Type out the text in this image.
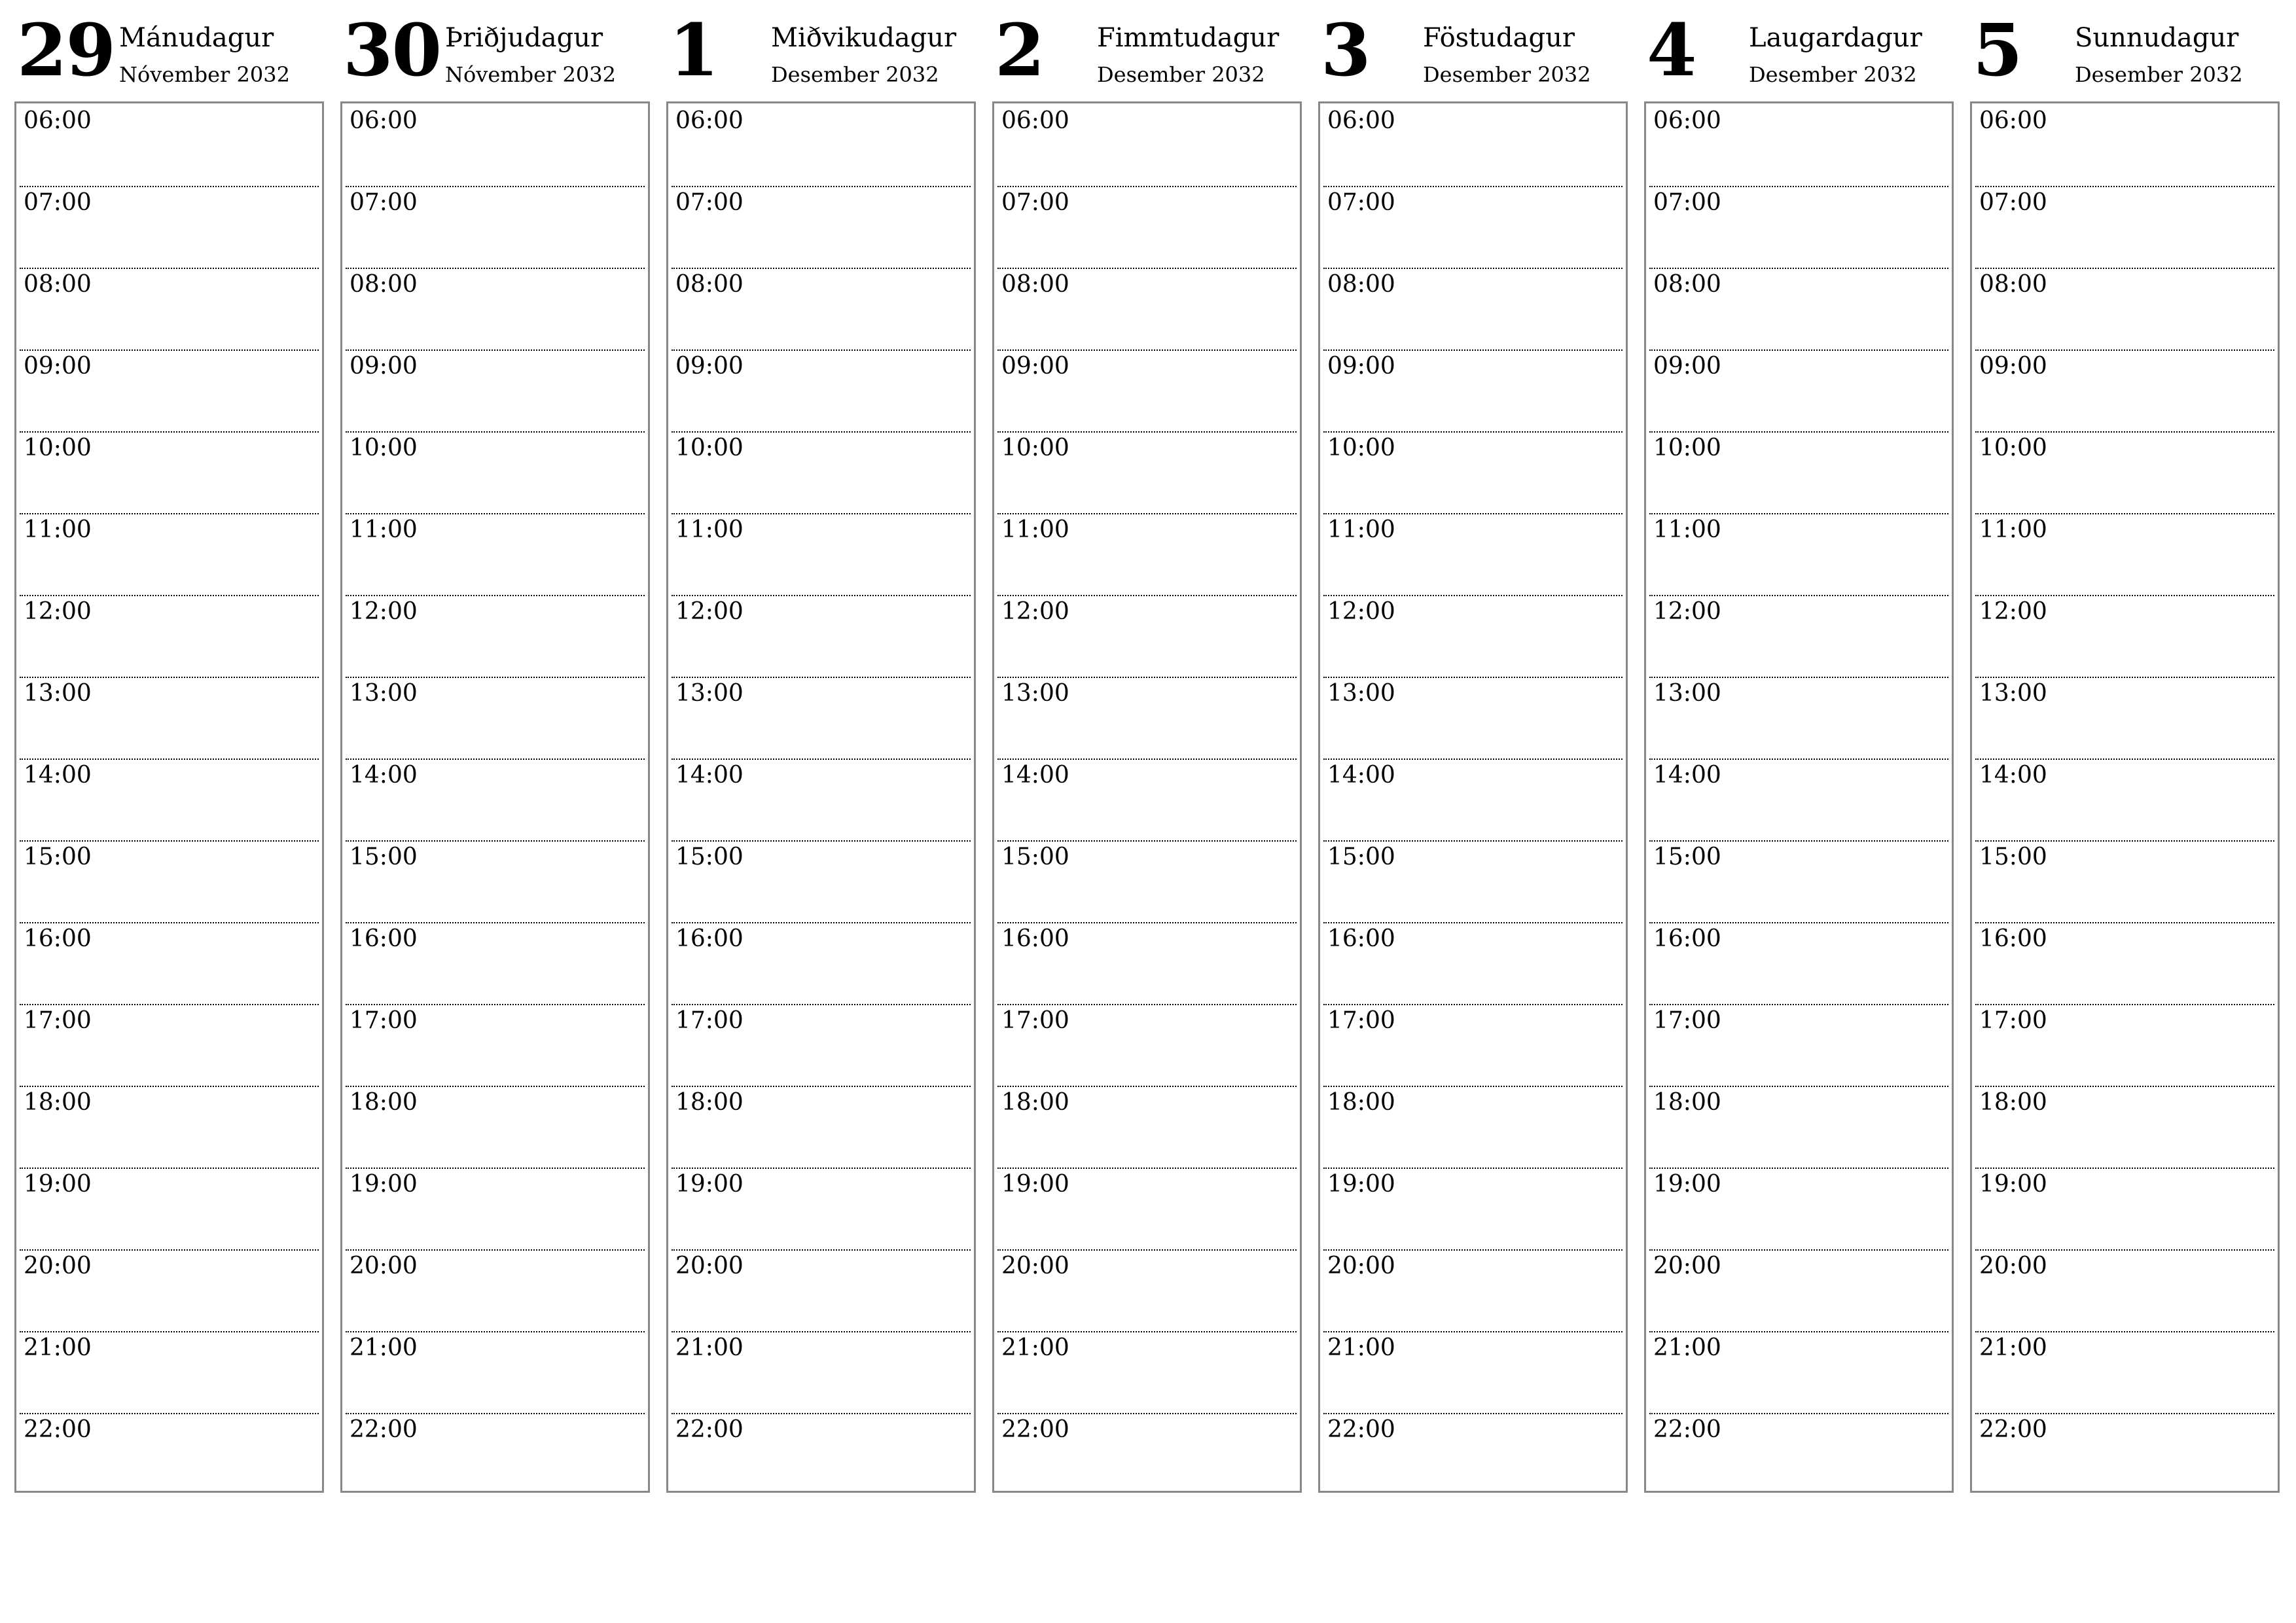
29 Mánudagur
Nóvember 2032
06:00
07:00
08:00
09:00
10:00
11:00
12:00
13:00
14:00
15:00
16:00
17:00
18:00
19:00
20:00
21:00
22:00
30 Þriðjudagur
Nóvember 2032
06:00
07:00
08:00
09:00
10:00
11:00
12:00
13:00
14:00
15:00
16:00
17:00
18:00
19:00
20:00
21:00
22:00
1 Miðvikudagur
Desember 2032
06:00
07:00
08:00
09:00
10:00
11:00
12:00
13:00
14:00
15:00
16:00
17:00
18:00
19:00
20:00
21:00
22:00
2 Fimmtudagur
Desember 2032
06:00
07:00
08:00
09:00
10:00
11:00
12:00
13:00
14:00
15:00
16:00
17:00
18:00
19:00
20:00
21:00
22:00
3 Föstudagur
Desember 2032
06:00
07:00
08:00
09:00
10:00
11:00
12:00
13:00
14:00
15:00
16:00
17:00
18:00
19:00
20:00
21:00
22:00
4 Laugardagur
Desember 2032
06:00
07:00
08:00
09:00
10:00
11:00
12:00
13:00
14:00
15:00
16:00
17:00
18:00
19:00
20:00
21:00
22:00
5 Sunnudagur
Desember 2032
06:00
07:00
08:00
09:00
10:00
11:00
12:00
13:00
14:00
15:00
16:00
17:00
18:00
19:00
20:00
21:00
22:00
